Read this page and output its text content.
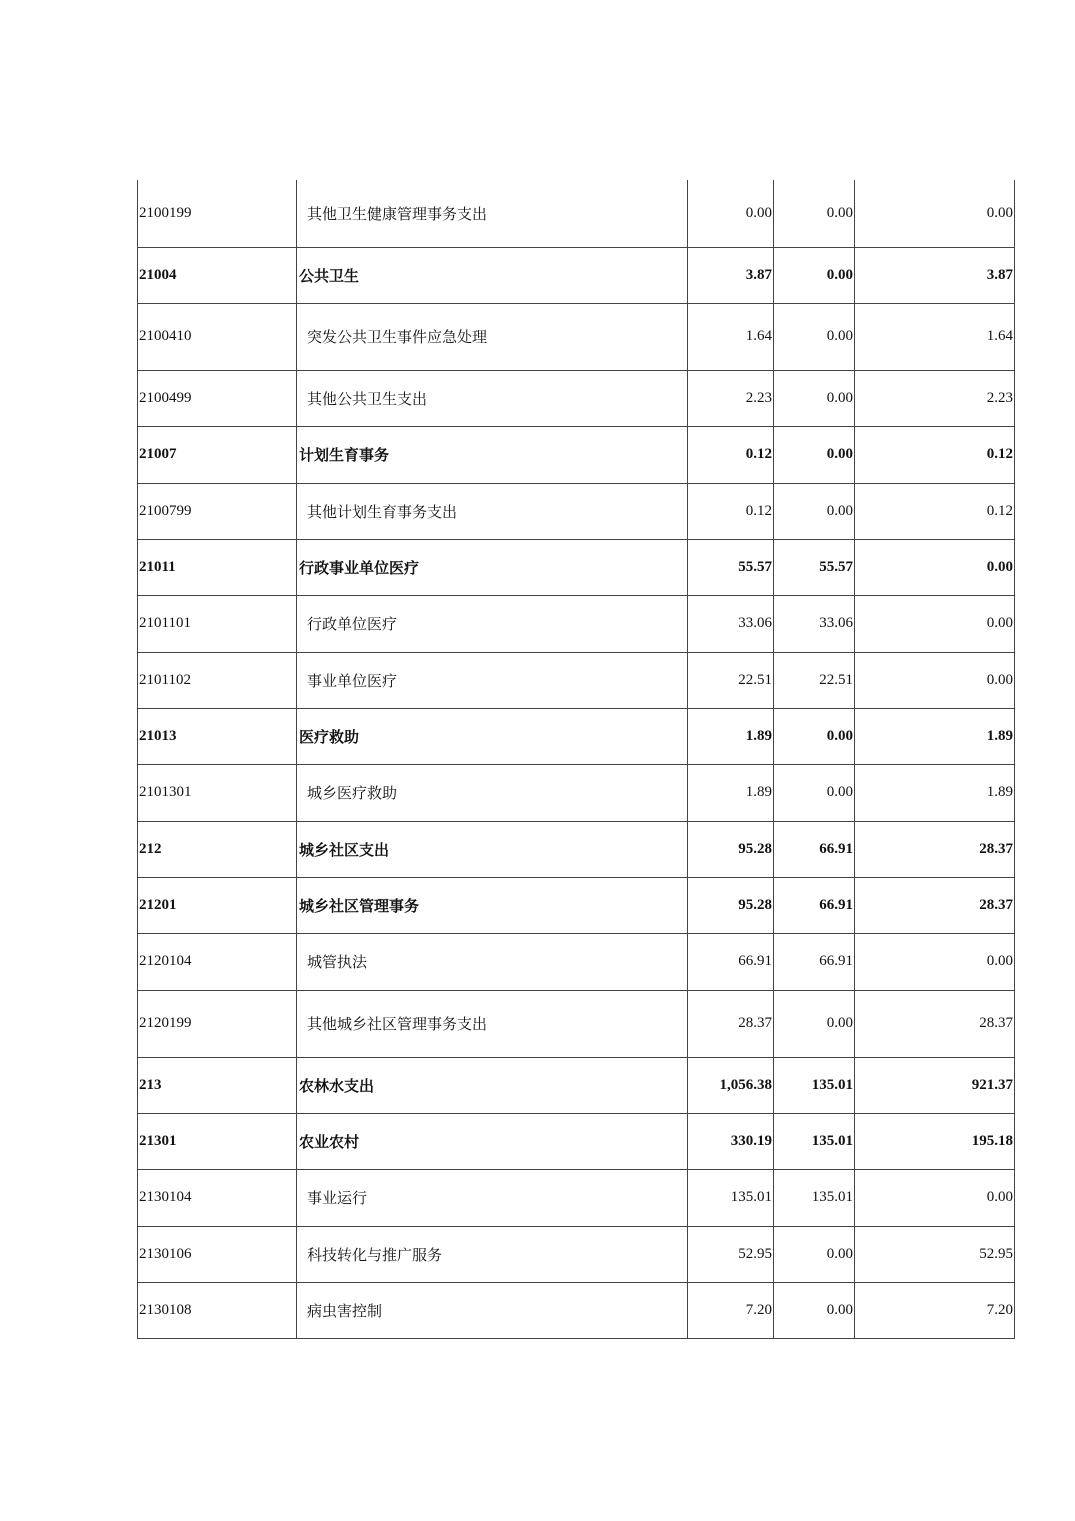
2100199	其他卫生健康管理事务支出	0.00	0.00	0.00
21004	公共卫生	3.87	0.00	3.87
2100410	突发公共卫生事件应急处理	1.64	0.00	1.64
2100499	其他公共卫生支出	2.23	0.00	2.23
21007	计划生育事务	0.12	0.00	0.12
2100799	其他计划生育事务支出	0.12	0.00	0.12
21011	行政事业单位医疗	55.57	55.57	0.00
2101101	行政单位医疗	33.06	33.06	0.00
2101102	事业单位医疗	22.51	22.51	0.00
21013	医疗救助	1.89	0.00	1.89
2101301	城乡医疗救助	1.89	0.00	1.89
212	城乡社区支出	95.28	66.91	28.37
21201	城乡社区管理事务	95.28	66.91	28.37
2120104	城管执法	66.91	66.91	0.00
2120199	其他城乡社区管理事务支出	28.37	0.00	28.37
213	农林水支出	1,056.38	135.01	921.37
21301	农业农村	330.19	135.01	195.18
2130104	事业运行	135.01	135.01	0.00
2130106	科技转化与推广服务	52.95	0.00	52.95
2130108	病虫害控制	7.20	0.00	7.20
